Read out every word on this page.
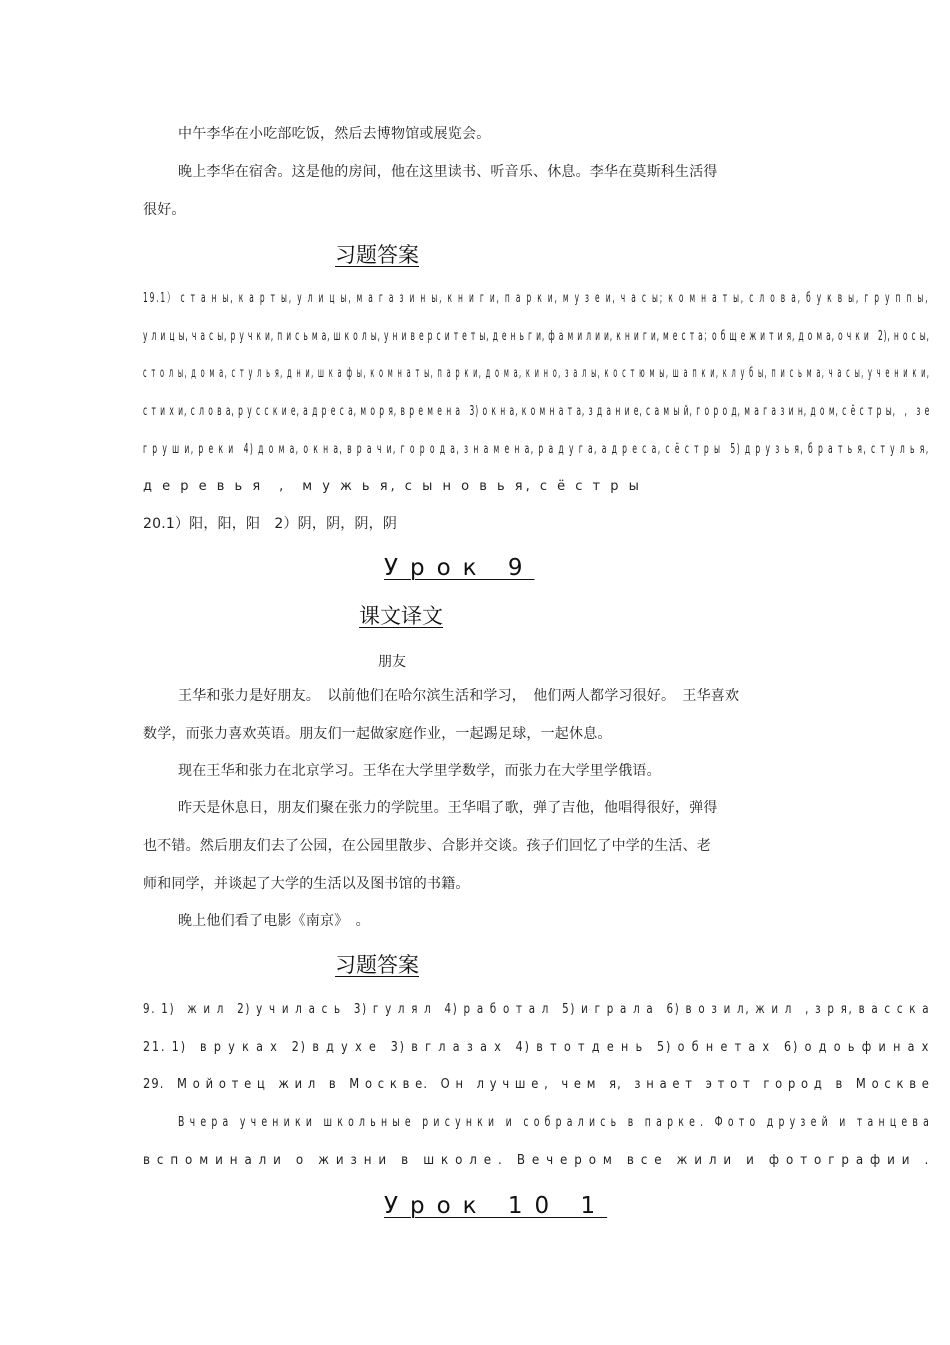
中午李华在小吃部吃饭，然后去博物馆或展览会。
晚上李华在宿舍。这是他的房间，他在这里读书、听音乐、休息。李华在莫斯科生活得
很好。
习题答案
19.1） с т а н ы, к а р т ы, у л и ц ы, м а г а з и н ы, к н и г и, п а р к и, м у з е и, ч а с ы; к о м н а т ы, с л о в а, б у к в ы, г р у п п ы,
у л и ц ы, ч а с ы, р у ч к и, п и с ь м а, ш к о л ы, у н и в е р с и т е т ы, д е н ь г и, ф а м и л и и, к н и г и, м е с т а；о б щ е ж и т и я, д о м а, о ч к и　2), н о с ы,
с т о л ы, д о м а, с т у л ь я, д н и, ш к а ф ы, к о м н а т ы, п а р к и, д о м а, к и н о, з а л ы, к о с т ю м ы, ш а п к и, к л у б ы, п и с ь м а, ч а с ы, у ч е н и к и,
с т и х и, с л о в а, р у с с к и е, а д р е с а, м о р я, в р е м е н а　3) о к н а, к о м н а т а, з д а н и е, с а м ы й, г о р о д, м а г а з и н, д о м, с ё с т р ы,　,　з е
г р у ш и, р е к и　4) д о м а, о к н а, в р а ч и, г о р о д а, з н а м е н а, р а д у г а, а д р е с а, с ё с т р ы　5) д р у з ь я, б р а т ь я, с т у л ь я,
д е р е в ь я　,　м у ж ь я, с ы н о в ь я, с ё с т р ы
20.1）阳，阳，阳　2）阴，阴，阴，阴
Урок 9
课文译文
朋友
王华和张力是好朋友。　以前他们在哈尔滨生活和学习，　他们两人都学习很好。　王华喜欢
数学，而张力喜欢英语。朋友们一起做家庭作业，一起踢足球，一起休息。
现在王华和张力在北京学习。王华在大学里学数学，而张力在大学里学俄语。
昨天是休息日，朋友们聚在张力的学院里。王华唱了歌，弹了吉他，他唱得很好，弹得
也不错。然后朋友们去了公园，在公园里散步、合影并交谈。孩子们回忆了中学的生活、老
师和同学，并谈起了大学的生活以及图书馆的书籍。
晚上他们看了电影《南京》　。
习题答案
9. 1)　ж и л　2) у ч и л а с ь　3) г у л я л　4) р а б о т а л　5) и г р а л а　6) в о з и л, ж и л　, з р я, в а с с к а
21. 1)　в р у к а х　2) в д у х е　3) в г л а з а х　4) в т о т д е н ь　5) о б н е т а х　6) о д о ь ф и н а х
29.　М о й о т е ц　ж и л　в　М о с к в е.　О н　л у ч ш е ,　ч е м　я,　з н а е т　э т о т　г о р о д　в　М о с к в е
В ч е р а　у ч е н и к и　ш к о л ь н ы е　р и с у н к и　и　с о б р а л и с ь　в　п а р к е .　Ф о т о　д р у з е й　и　т а н ц е в а
в с п о м и н а л и　о　ж и з н и　в　ш к о л е .　В е ч е р о м　в с е　ж и л и　и　ф о т о г р а ф и и　.
Урок 10 1
